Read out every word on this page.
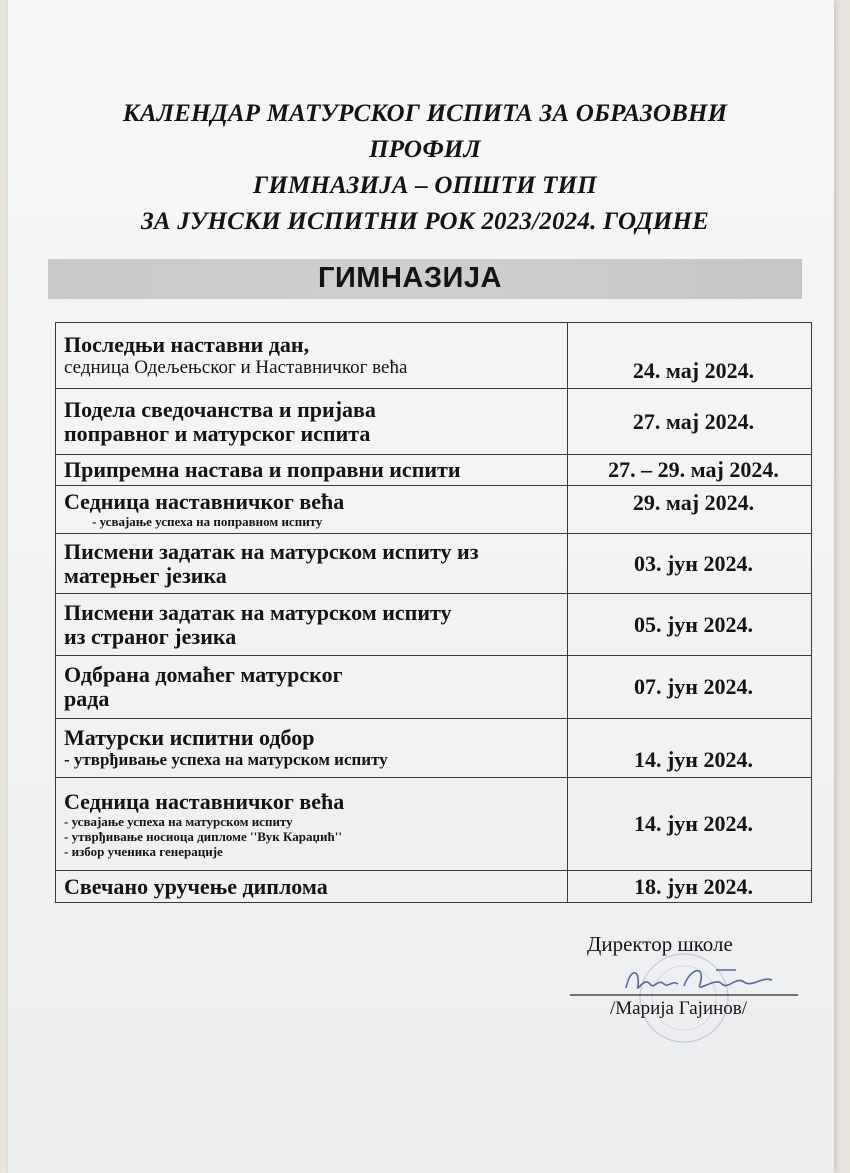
КАЛЕНДАР МАТУРСКОГ ИСПИТА ЗА ОБРАЗОВНИ
ПРОФИЛ
ГИМНАЗИЈА – ОПШТИ ТИП
ЗА ЈУНСКИ ИСПИТНИ РОК 2023/2024. ГОДИНЕ
ГИМНАЗИЈА
Последњи наставни дан,
седница Одељењског и Наставничког већа	24. мај 2024.

Подела сведочанства и пријава
поправног и матурског испита	27. мај 2024.

Припремна настава и поправни испити	27. – 29. мај 2024.

Седница наставничког већа
- усвајање успеха на поправном испиту	29. мај 2024.

Писмени задатак на матурском испиту из
матерњег језика	03. јун 2024.

Писмени задатак на матурском испиту
из страног језика	05. јун 2024.

Одбрана домаћег матурског
рада	07. јун 2024.

Матурски испитни одбор
- утврђивање успеха на матурском испиту	14. јун 2024.

Седница наставничког већа
- усвајање успеха на матурском испиту
- утврђивање носиоца дипломе ''Вук Караџић''
- избор ученика генерације	14. јун 2024.

Свечано уручење диплома	18. јун 2024.
Директор школе
/Марија Гајинов/
